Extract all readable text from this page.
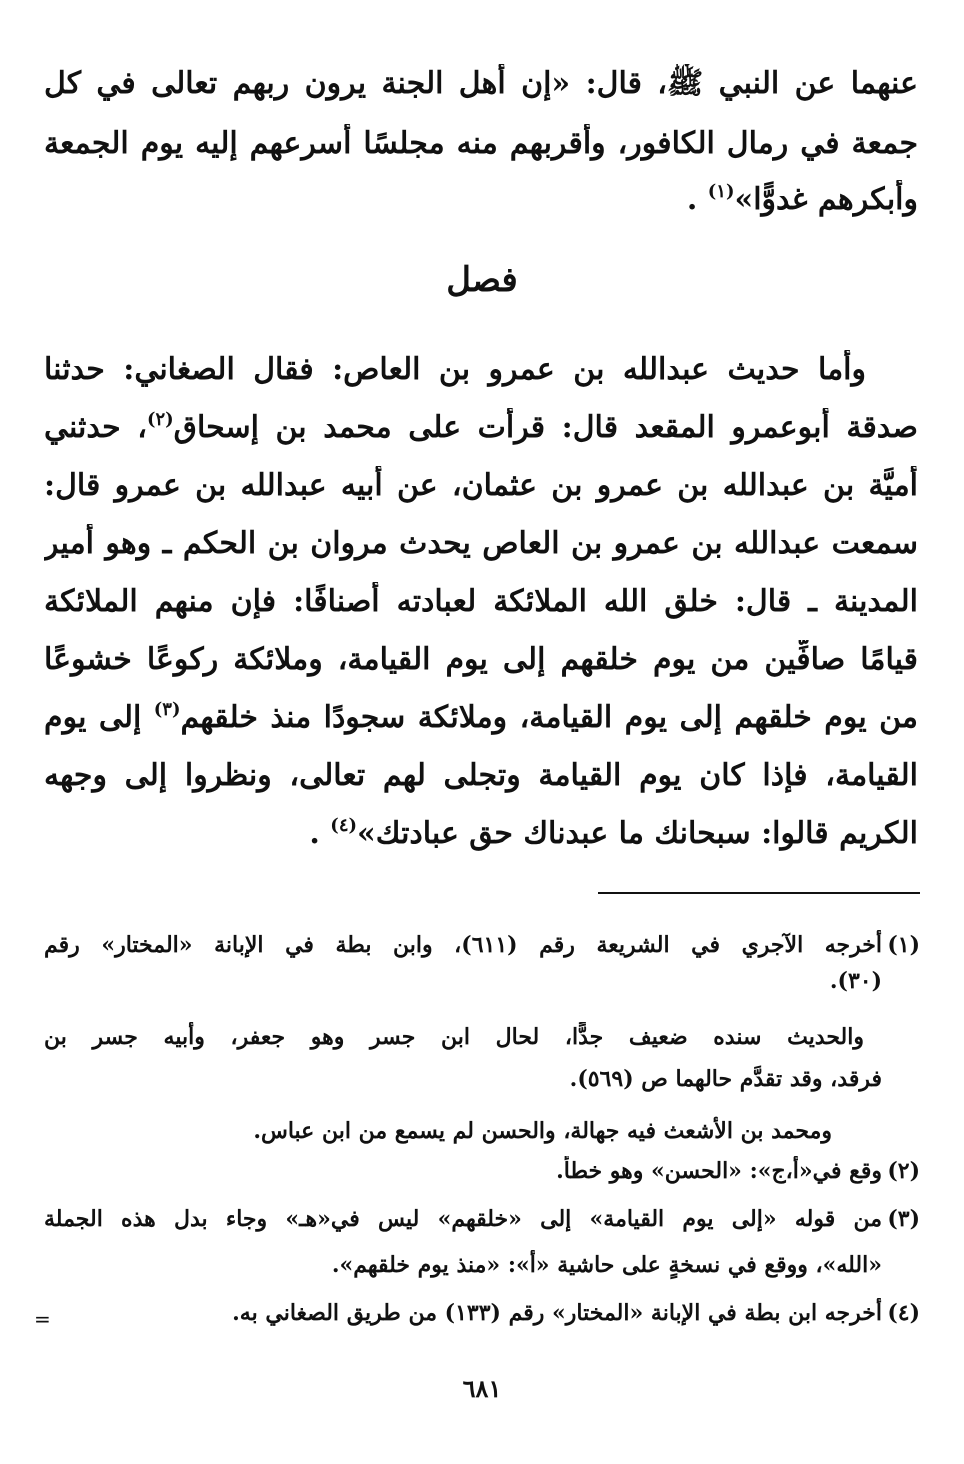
عنهما عن النبي ﷺ، قال: «إن أهل الجنة يرون ربهم تعالى في كل
جمعة في رمال الكافور، وأقربهم منه مجلسًا أسرعهم إليه يوم الجمعة
وأبكرهم غدوًّا»$^{(١)}$ .
فصل
وأما حديث عبدالله بن عمرو بن العاص: فقال الصغاني: حدثنا
صدقة أبوعمرو المقعد قال: قرأت على محمد بن إسحاق$^{(٢)}$، حدثني
أُميَّة بن عبدالله بن عمرو بن عثمان، عن أبيه عبدالله بن عمرو قال:
سمعت عبدالله بن عمرو بن العاص يحدث مروان بن الحكم ـ وهو أمير
المدينة ـ قال: خلق الله الملائكة لعبادته أصنافًا: فإن منهم الملائكة
قيامًا صافِّين من يوم خلقهم إلى يوم القيامة، وملائكة ركوعًا خشوعًا
من يوم خلقهم إلى يوم القيامة، وملائكة سجودًا منذ خلقهم$^{(٣)}$ إلى يوم
القيامة، فإذا كان يوم القيامة وتجلى لهم تعالى، ونظروا إلى وجهه
الكريم قالوا: سبحانك ما عبدناك حق عبادتك»$^{(٤)}$ .
(١)
أخرجه الآجري في الشريعة رقم (٦١١)، وابن بطة في الإبانة «المختار» رقم
(٣٠).
والحديث سنده ضعيف جدًّا، لحال ابن جسر وهو جعفر، وأبيه جسر بن
فرقد، وقد تقدَّم حالهما ص (٥٦٩).
ومحمد بن الأشعث فيه جهالة، والحسن لم يسمع من ابن عباس.
(٢)
وقع في«أ،ج»: «الحسن» وهو خطأ.
(٣)
من قوله «إلى يوم القيامة» إلى «خلقهم» ليس في«هـ» وجاء بدل هذه الجملة
«الله»، ووقع في نسخةٍ على حاشية «أ»: «منذ يوم خلقهم».
(٤)
أخرجه ابن بطة في الإبانة «المختار» رقم (١٣٣) من طريق الصغاني به.
=
٦٨١
